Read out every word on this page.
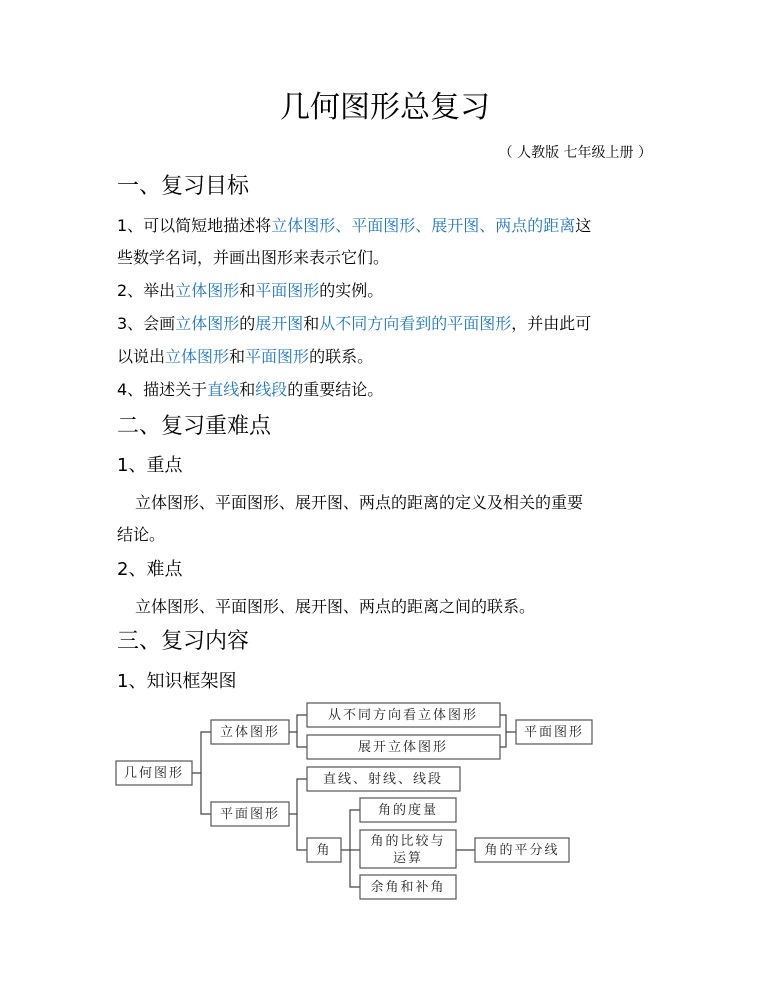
几何图形总复习
（ 人教版 七年级上册 ）
一、复习目标
1、可以简短地描述将立体图形、平面图形、展开图、两点的距离这
些数学名词，并画出图形来表示它们。
2、举出立体图形和平面图形的实例。
3、会画立体图形的展开图和从不同方向看到的平面图形，并由此可
以说出立体图形和平面图形的联系。
4、描述关于直线和线段的重要结论。
二、复习重难点
1、重点
立体图形、平面图形、展开图、两点的距离的定义及相关的重要
结论。
2、难点
立体图形、平面图形、展开图、两点的距离之间的联系。
三、复习内容
1、知识框架图
几何图形
立体图形
从不同方向看立体图形
展开立体图形
平面图形
平面图形
直线、射线、线段
角
角的度量
角的比较与
运算
角的平分线
余角和补角
